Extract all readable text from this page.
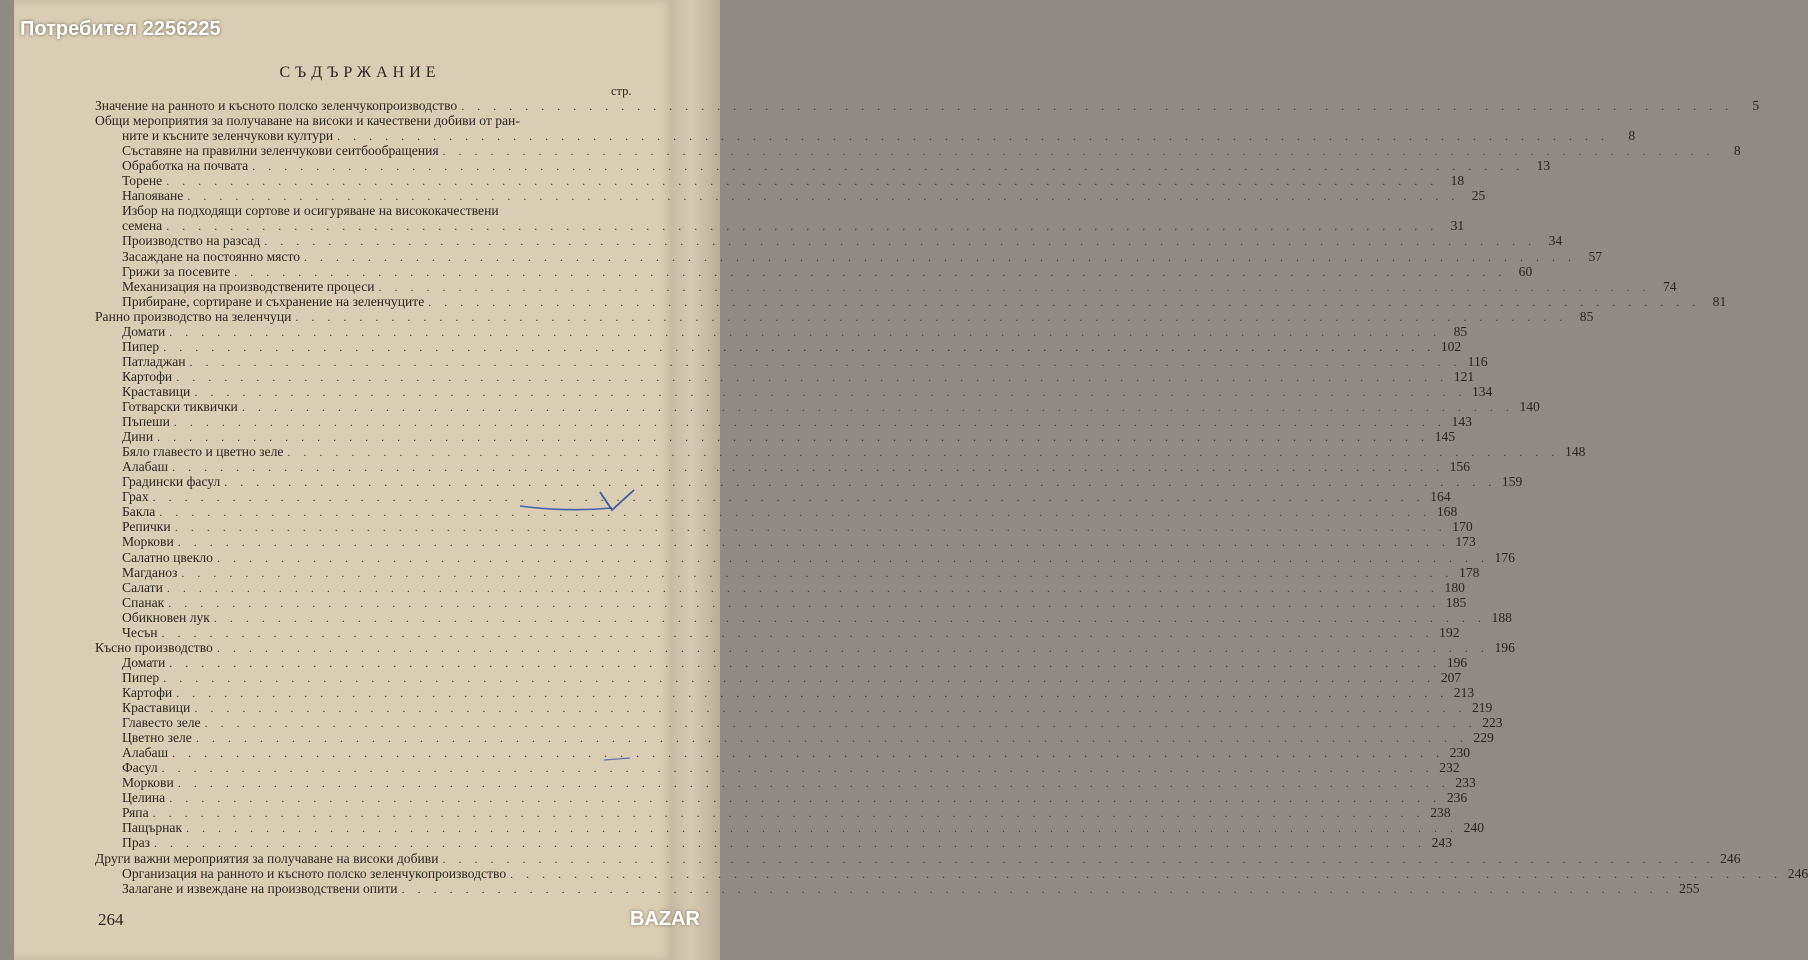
Потребител 2256225
СЪДЪРЖАНИЕ
стр.
Значение на ранното и късното полско зеленчукопроизводство . . . . . . . . . . . . . . . . . . . . . . . . . . . . . . . . . . . . . . . . . . . . . . . . . . . . . . . . . . . . . . . . . . . . . . . . . . . . . . . .	5
Общи мероприятия за получаване на високи и качествени добиви от ран-
ните и късните зеленчукови култури . . . . . . . . . . . . . . . . . . . . . . . . . . . . . . . . . . . . . . . . . . . . . . . . . . . . . . . . . . . . . . . . . . . . . . . . . . . . . . . .	8
Съставяне на правилни зеленчукови сеитбообращения . . . . . . . . . . . . . . . . . . . . . . . . . . . . . . . . . . . . . . . . . . . . . . . . . . . . . . . . . . . . . . . . . . . . . . . . . . . . . . . .	8
Обработка на почвата . . . . . . . . . . . . . . . . . . . . . . . . . . . . . . . . . . . . . . . . . . . . . . . . . . . . . . . . . . . . . . . . . . . . . . . . . . . . . . . . 13
Торене . . . . . . . . . . . . . . . . . . . . . . . . . . . . . . . . . . . . . . . . . . . . . . . . . . . . . . . . . . . . . . . . . . . . . . . . . . . . . . . . 18
Напояване . . . . . . . . . . . . . . . . . . . . . . . . . . . . . . . . . . . . . . . . . . . . . . . . . . . . . . . . . . . . . . . . . . . . . . . . . . . . . . . . 25
Избор на подходящи сортове и осигуряване на висококачествени
семена . . . . . . . . . . . . . . . . . . . . . . . . . . . . . . . . . . . . . . . . . . . . . . . . . . . . . . . . . . . . . . . . . . . . . . . . . . . . . . . . 31
Производство на разсад . . . . . . . . . . . . . . . . . . . . . . . . . . . . . . . . . . . . . . . . . . . . . . . . . . . . . . . . . . . . . . . . . . . . . . . . . . . . . . . . 34
Засаждане на постоянно място . . . . . . . . . . . . . . . . . . . . . . . . . . . . . . . . . . . . . . . . . . . . . . . . . . . . . . . . . . . . . . . . . . . . . . . . . . . . . . . . 57
Грижи за посевите . . . . . . . . . . . . . . . . . . . . . . . . . . . . . . . . . . . . . . . . . . . . . . . . . . . . . . . . . . . . . . . . . . . . . . . . . . . . . . . . 60
Механизация на производствените процеси . . . . . . . . . . . . . . . . . . . . . . . . . . . . . . . . . . . . . . . . . . . . . . . . . . . . . . . . . . . . . . . . . . . . . . . . . . . . . . . . 74
Прибиране, сортиране и съхранение на зеленчуците . . . . . . . . . . . . . . . . . . . . . . . . . . . . . . . . . . . . . . . . . . . . . . . . . . . . . . . . . . . . . . . . . . . . . . . . . . . . . . . . 81
Ранно производство на зеленчуци . . . . . . . . . . . . . . . . . . . . . . . . . . . . . . . . . . . . . . . . . . . . . . . . . . . . . . . . . . . . . . . . . . . . . . . . . . . . . . . . 85
Домати . . . . . . . . . . . . . . . . . . . . . . . . . . . . . . . . . . . . . . . . . . . . . . . . . . . . . . . . . . . . . . . . . . . . . . . . . . . . . . . . 85
Пипер . . . . . . . . . . . . . . . . . . . . . . . . . . . . . . . . . . . . . . . . . . . . . . . . . . . . . . . . . . . . . . . . . . . . . . . . . . . . . . . . 102
Патладжан . . . . . . . . . . . . . . . . . . . . . . . . . . . . . . . . . . . . . . . . . . . . . . . . . . . . . . . . . . . . . . . . . . . . . . . . . . . . . . . . 116
Картофи . . . . . . . . . . . . . . . . . . . . . . . . . . . . . . . . . . . . . . . . . . . . . . . . . . . . . . . . . . . . . . . . . . . . . . . . . . . . . . . . 121
Краставици . . . . . . . . . . . . . . . . . . . . . . . . . . . . . . . . . . . . . . . . . . . . . . . . . . . . . . . . . . . . . . . . . . . . . . . . . . . . . . . . 134
Готварски тиквички . . . . . . . . . . . . . . . . . . . . . . . . . . . . . . . . . . . . . . . . . . . . . . . . . . . . . . . . . . . . . . . . . . . . . . . . . . . . . . . . 140
Пъпеши . . . . . . . . . . . . . . . . . . . . . . . . . . . . . . . . . . . . . . . . . . . . . . . . . . . . . . . . . . . . . . . . . . . . . . . . . . . . . . . . 143
Дини . . . . . . . . . . . . . . . . . . . . . . . . . . . . . . . . . . . . . . . . . . . . . . . . . . . . . . . . . . . . . . . . . . . . . . . . . . . . . . . . 145
Бяло главесто и цветно зеле . . . . . . . . . . . . . . . . . . . . . . . . . . . . . . . . . . . . . . . . . . . . . . . . . . . . . . . . . . . . . . . . . . . . . . . . . . . . . . . . 148
Алабаш . . . . . . . . . . . . . . . . . . . . . . . . . . . . . . . . . . . . . . . . . . . . . . . . . . . . . . . . . . . . . . . . . . . . . . . . . . . . . . . . 156
Градински фасул . . . . . . . . . . . . . . . . . . . . . . . . . . . . . . . . . . . . . . . . . . . . . . . . . . . . . . . . . . . . . . . . . . . . . . . . . . . . . . . . 159
Грах . . . . . . . . . . . . . . . . . . . . . . . . . . . . . . . . . . . . . . . . . . . . . . . . . . . . . . . . . . . . . . . . . . . . . . . . . . . . . . . . 164
Бакла . . . . . . . . . . . . . . . . . . . . . . . . . . . . . . . . . . . . . . . . . . . . . . . . . . . . . . . . . . . . . . . . . . . . . . . . . . . . . . . . 168
Репички . . . . . . . . . . . . . . . . . . . . . . . . . . . . . . . . . . . . . . . . . . . . . . . . . . . . . . . . . . . . . . . . . . . . . . . . . . . . . . . . 170
Моркови . . . . . . . . . . . . . . . . . . . . . . . . . . . . . . . . . . . . . . . . . . . . . . . . . . . . . . . . . . . . . . . . . . . . . . . . . . . . . . . . 173
Салатно цвекло . . . . . . . . . . . . . . . . . . . . . . . . . . . . . . . . . . . . . . . . . . . . . . . . . . . . . . . . . . . . . . . . . . . . . . . . . . . . . . . . 176
Магданоз . . . . . . . . . . . . . . . . . . . . . . . . . . . . . . . . . . . . . . . . . . . . . . . . . . . . . . . . . . . . . . . . . . . . . . . . . . . . . . . . 178
Салати . . . . . . . . . . . . . . . . . . . . . . . . . . . . . . . . . . . . . . . . . . . . . . . . . . . . . . . . . . . . . . . . . . . . . . . . . . . . . . . . 180
Спанак . . . . . . . . . . . . . . . . . . . . . . . . . . . . . . . . . . . . . . . . . . . . . . . . . . . . . . . . . . . . . . . . . . . . . . . . . . . . . . . . 185
Обикновен лук . . . . . . . . . . . . . . . . . . . . . . . . . . . . . . . . . . . . . . . . . . . . . . . . . . . . . . . . . . . . . . . . . . . . . . . . . . . . . . . . 188
Чесън . . . . . . . . . . . . . . . . . . . . . . . . . . . . . . . . . . . . . . . . . . . . . . . . . . . . . . . . . . . . . . . . . . . . . . . . . . . . . . . . 192
Късно производство . . . . . . . . . . . . . . . . . . . . . . . . . . . . . . . . . . . . . . . . . . . . . . . . . . . . . . . . . . . . . . . . . . . . . . . . . . . . . . . . 196
Домати . . . . . . . . . . . . . . . . . . . . . . . . . . . . . . . . . . . . . . . . . . . . . . . . . . . . . . . . . . . . . . . . . . . . . . . . . . . . . . . . 196
Пипер . . . . . . . . . . . . . . . . . . . . . . . . . . . . . . . . . . . . . . . . . . . . . . . . . . . . . . . . . . . . . . . . . . . . . . . . . . . . . . . . 207
Картофи . . . . . . . . . . . . . . . . . . . . . . . . . . . . . . . . . . . . . . . . . . . . . . . . . . . . . . . . . . . . . . . . . . . . . . . . . . . . . . . . 213
Краставици . . . . . . . . . . . . . . . . . . . . . . . . . . . . . . . . . . . . . . . . . . . . . . . . . . . . . . . . . . . . . . . . . . . . . . . . . . . . . . . . 219
Главесто зеле . . . . . . . . . . . . . . . . . . . . . . . . . . . . . . . . . . . . . . . . . . . . . . . . . . . . . . . . . . . . . . . . . . . . . . . . . . . . . . . . 223
Цветно зеле . . . . . . . . . . . . . . . . . . . . . . . . . . . . . . . . . . . . . . . . . . . . . . . . . . . . . . . . . . . . . . . . . . . . . . . . . . . . . . . . 229
Алабаш . . . . . . . . . . . . . . . . . . . . . . . . . . . . . . . . . . . . . . . . . . . . . . . . . . . . . . . . . . . . . . . . . . . . . . . . . . . . . . . . 230
Фасул . . . . . . . . . . . . . . . . . . . . . . . . . . . . . . . . . . . . . . . . . . . . . . . . . . . . . . . . . . . . . . . . . . . . . . . . . . . . . . . . 232
Моркови . . . . . . . . . . . . . . . . . . . . . . . . . . . . . . . . . . . . . . . . . . . . . . . . . . . . . . . . . . . . . . . . . . . . . . . . . . . . . . . . 233
Целина . . . . . . . . . . . . . . . . . . . . . . . . . . . . . . . . . . . . . . . . . . . . . . . . . . . . . . . . . . . . . . . . . . . . . . . . . . . . . . . . 236
Ряпа . . . . . . . . . . . . . . . . . . . . . . . . . . . . . . . . . . . . . . . . . . . . . . . . . . . . . . . . . . . . . . . . . . . . . . . . . . . . . . . . 238
Пащърнак . . . . . . . . . . . . . . . . . . . . . . . . . . . . . . . . . . . . . . . . . . . . . . . . . . . . . . . . . . . . . . . . . . . . . . . . . . . . . . . . 240
Праз . . . . . . . . . . . . . . . . . . . . . . . . . . . . . . . . . . . . . . . . . . . . . . . . . . . . . . . . . . . . . . . . . . . . . . . . . . . . . . . . 243
Други важни мероприятия за получаване на високи добиви . . . . . . . . . . . . . . . . . . . . . . . . . . . . . . . . . . . . . . . . . . . . . . . . . . . . . . . . . . . . . . . . . . . . . . . . . . . . . . . . 246
Организация на ранното и късното полско зеленчукопроизводство . . . . . . . . . . . . . . . . . . . . . . . . . . . . . . . . . . . . . . . . . . . . . . . . . . . . . . . . . . . . . . . . . . . . . . . . . . . . . . . . 246
Залагане и извеждане на производствени опити . . . . . . . . . . . . . . . . . . . . . . . . . . . . . . . . . . . . . . . . . . . . . . . . . . . . . . . . . . . . . . . . . . . . . . . . . . . . . . . . 255
264	BAZAR
